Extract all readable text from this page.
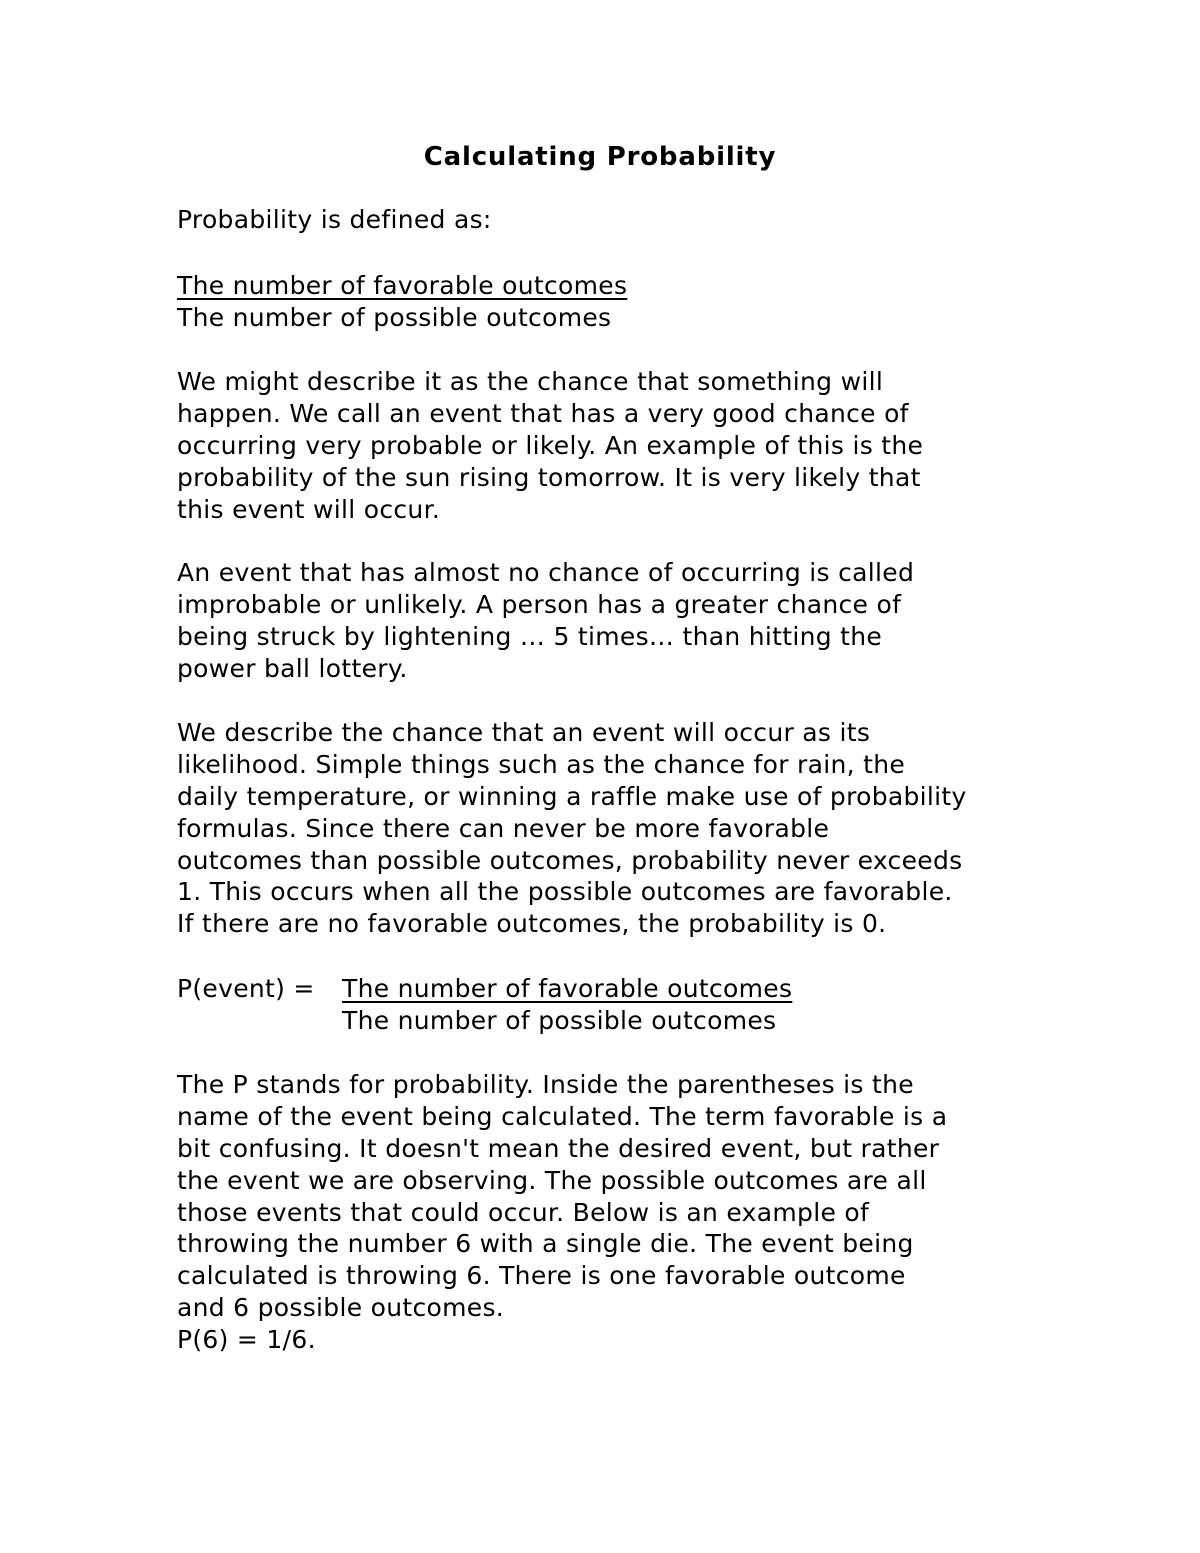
Calculating Probability

Probability is defined as:

The number of favorable outcomes
The number of possible outcomes
We might describe it as the chance that something will
happen. We call an event that has a very good chance of
occurring very probable or likely. An example of this is the
probability of the sun rising tomorrow. It is very likely that
this event will occur.
An event that has almost no chance of occurring is called
improbable or unlikely. A person has a greater chance of
being struck by lightening … 5 times… than hitting the
power ball lottery.
We describe the chance that an event will occur as its
likelihood. Simple things such as the chance for rain, the
daily temperature, or winning a raffle make use of probability
formulas. Since there can never be more favorable
outcomes than possible outcomes, probability never exceeds
1. This occurs when all the possible outcomes are favorable.
If there are no favorable outcomes, the probability is 0.

P(event) = The number of favorable outcomes
The number of possible outcomes
The P stands for probability. Inside the parentheses is the
name of the event being calculated. The term favorable is a
bit confusing. It doesn't mean the desired event, but rather
the event we are observing. The possible outcomes are all
those events that could occur. Below is an example of
throwing the number 6 with a single die. The event being
calculated is throwing 6. There is one favorable outcome
and 6 possible outcomes.
P(6) = 1/6.
